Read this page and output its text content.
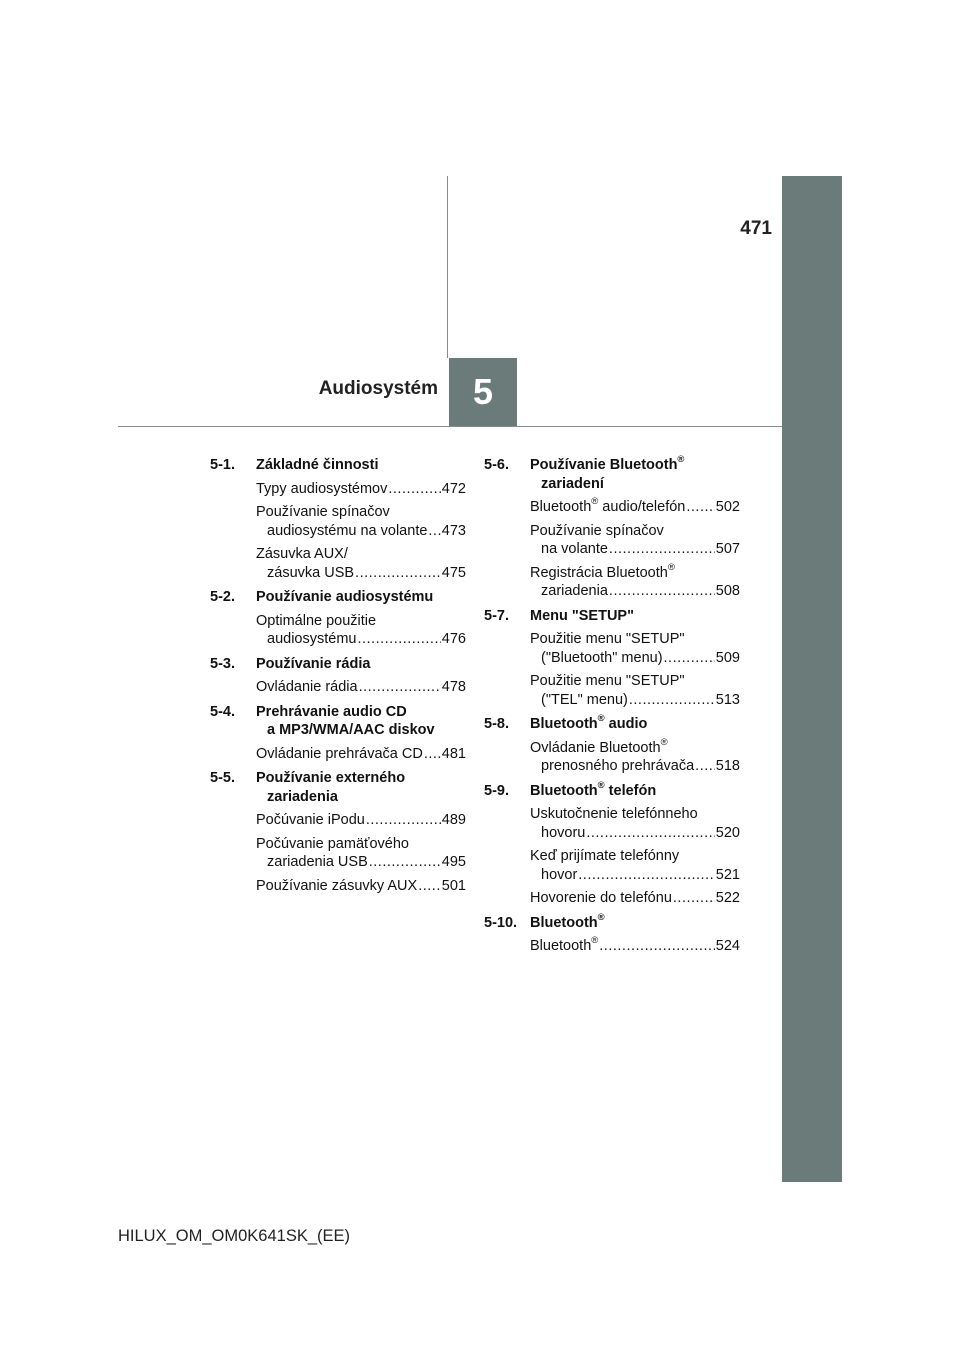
471
5
Audiosystém
5-1. Základné činnosti
Typy audiosystémov .....	472
Používanie spínačov
audiosystému na volante ..... 473
Zásuvka AUX/
zásuvka USB .....	475
5-2. Používanie audiosystému
Optimálne použitie
audiosystému .....	476
5-3. Používanie rádia
Ovládanie rádia .....	478
5-4. Prehrávanie audio CD
a MP3/WMA/AAC diskov
Ovládanie prehrávača CD ..... 481
5-5. Používanie externého
zariadenia
Počúvanie iPodu .....	489
Počúvanie pamäťového
zariadenia USB .....	495
Používanie zásuvky AUX ..... 501
5-6. Používanie Bluetooth®
zariadení
Bluetooth® audio/telefón ..... 502
Používanie spínačov
na volante .....	507
Registrácia Bluetooth®
zariadenia .....	508
5-7. Menu "SETUP"
Použitie menu "SETUP"
("Bluetooth" menu) .....	509
Použitie menu "SETUP"
("TEL" menu) .....	513
5-8. Bluetooth® audio
Ovládanie Bluetooth®
prenosného prehrávača ..... 518
5-9. Bluetooth® telefón
Uskutočnenie telefónneho
hovoru .....	520
Keď prijímate telefónny
hovor .....	521
Hovorenie do telefónu .....	522
5-10. Bluetooth®
Bluetooth® .....	524
HILUX_OM_OM0K641SK_(EE)
